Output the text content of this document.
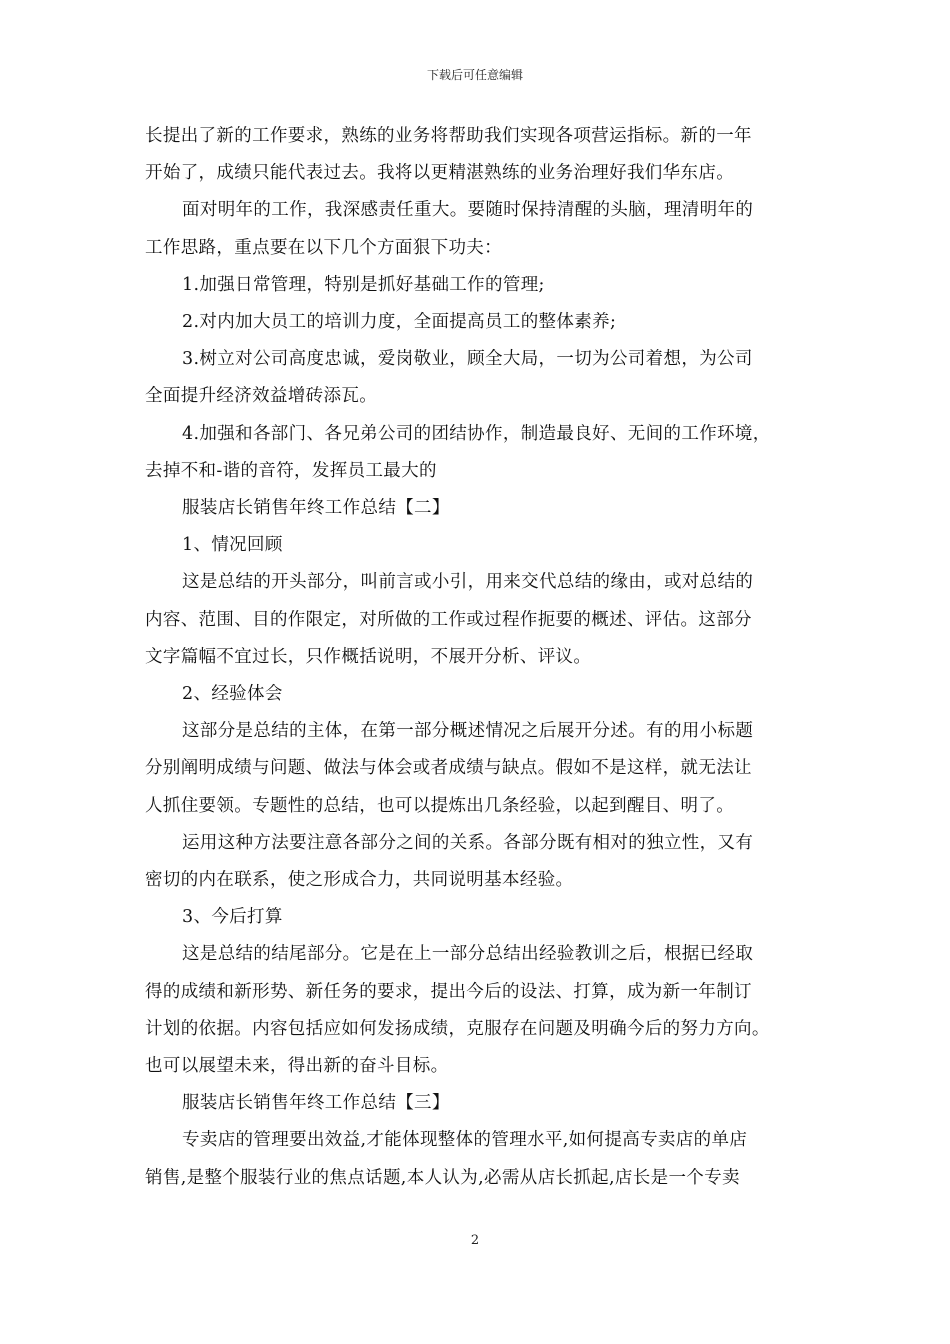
下载后可任意编辑

长提出了新的工作要求，熟练的业务将帮助我们实现各项营运指标。新的一年

开始了，成绩只能代表过去。我将以更精湛熟练的业务治理好我们华东店。

面对明年的工作，我深感责任重大。要随时保持清醒的头脑，理清明年的

工作思路，重点要在以下几个方面狠下功夫：

1.加强日常管理，特别是抓好基础工作的管理;

2.对内加大员工的培训力度，全面提高员工的整体素养;

3.树立对公司高度忠诚，爱岗敬业，顾全大局，一切为公司着想，为公司

全面提升经济效益增砖添瓦。

4.加强和各部门、各兄弟公司的团结协作，制造最良好、无间的工作环境，

去掉不和-谐的音符，发挥员工最大的

服装店长销售年终工作总结【二】

1、情况回顾

这是总结的开头部分，叫前言或小引，用来交代总结的缘由，或对总结的

内容、范围、目的作限定，对所做的工作或过程作扼要的概述、评估。这部分

文字篇幅不宜过长，只作概括说明，不展开分析、评议。

2、经验体会

这部分是总结的主体，在第一部分概述情况之后展开分述。有的用小标题

分别阐明成绩与问题、做法与体会或者成绩与缺点。假如不是这样，就无法让

人抓住要领。专题性的总结，也可以提炼出几条经验，以起到醒目、明了。

运用这种方法要注意各部分之间的关系。各部分既有相对的独立性，又有

密切的内在联系，使之形成合力，共同说明基本经验。

3、今后打算

这是总结的结尾部分。它是在上一部分总结出经验教训之后，根据已经取

得的成绩和新形势、新任务的要求，提出今后的设法、打算，成为新一年制订

计划的依据。内容包括应如何发扬成绩，克服存在问题及明确今后的努力方向。

也可以展望未来，得出新的奋斗目标。

服装店长销售年终工作总结【三】

专卖店的管理要出效益,才能体现整体的管理水平,如何提高专卖店的单店

销售,是整个服装行业的焦点话题,本人认为,必需从店长抓起,店长是一个专卖

2
